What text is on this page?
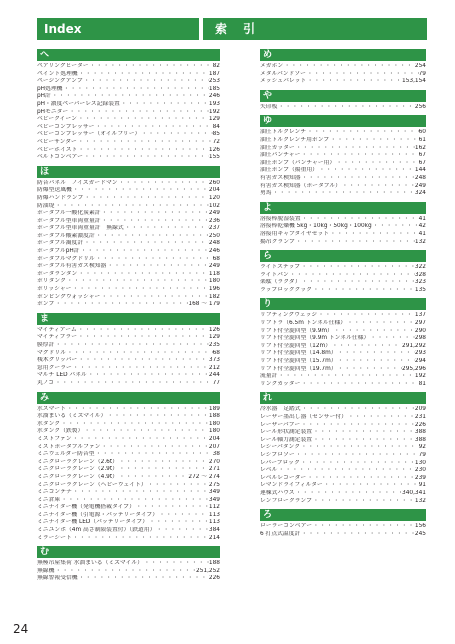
Index	索 引
へ
ペアリングヒーター ・・・・・・・・・・・・・・・・・・・・・・・・・・・・・・・・・・・・・・・・・・・・・・・・・・	82
ペイント処理機 ・・・・・・・・・・・・・・・・・・・・・・・・・・・・・・・・・・・・・・・・・・・・・・・・・・	187
ページングアンプ ・・・・・・・・・・・・・・・・・・・・・・・・・・・・・・・・・・・・・・・・・・・・・・・・・・	253
pH処理機 ・・・・・・・・・・・・・・・・・・・・・・・・・・・・・・・・・・・・・・・・・・・・・・・・・・	185
pH計 ・・・・・・・・・・・・・・・・・・・・・・・・・・・・・・・・・・・・・・・・・・・・・・・・・・	246
pH・濃度ペーパーレス記録装置 ・・・・・・・・・・・・・・・・・・・・・・・・・・・・・・・・・・・・・・・・・・・・・・・・・・	193
pHモニター ・・・・・・・・・・・・・・・・・・・・・・・・・・・・・・・・・・・・・・・・・・・・・・・・・・	192
ベビークイーン ・・・・・・・・・・・・・・・・・・・・・・・・・・・・・・・・・・・・・・・・・・・・・・・・・・	129
ベビーコンプレッサー ・・・・・・・・・・・・・・・・・・・・・・・・・・・・・・・・・・・・・・・・・・・・・・・・・・	84
ベビーコンプレッサー（オイルフリー） ・・・・・・・・・・・・・・・・・・・・・・・・・・・・・・・・・・・・・・・・・・・・・・・・・・	85
ベビーサンダー ・・・・・・・・・・・・・・・・・・・・・・・・・・・・・・・・・・・・・・・・・・・・・・・・・・	72
ベビーホイスト ・・・・・・・・・・・・・・・・・・・・・・・・・・・・・・・・・・・・・・・・・・・・・・・・・・	126
ベルトコンベアー ・・・・・・・・・・・・・・・・・・・・・・・・・・・・・・・・・・・・・・・・・・・・・・・・・・	155
ほ
防音パネル　ノイズガードマン ・・・・・・・・・・・・・・・・・・・・・・・・・・・・・・・・・・・・・・・・・・・・・・・・・・	260
防爆型送風機 ・・・・・・・・・・・・・・・・・・・・・・・・・・・・・・・・・・・・・・・・・・・・・・・・・・	204
防爆ハンドランプ ・・・・・・・・・・・・・・・・・・・・・・・・・・・・・・・・・・・・・・・・・・・・・・・・・・	120
防油堤 ・・・・・・・・・・・・・・・・・・・・・・・・・・・・・・・・・・・・・・・・・・・・・・・・・・	102
ポータブル一酸化炭素計 ・・・・・・・・・・・・・・・・・・・・・・・・・・・・・・・・・・・・・・・・・・・・・・・・・・	249
ポータブル型車両重量計 ・・・・・・・・・・・・・・・・・・・・・・・・・・・・・・・・・・・・・・・・・・・・・・・・・・	236
ポータブル型車両重量計　無線式 ・・・・・・・・・・・・・・・・・・・・・・・・・・・・・・・・・・・・・・・・・・・・・・・・・・	237
ポータブル酸素濃度計 ・・・・・・・・・・・・・・・・・・・・・・・・・・・・・・・・・・・・・・・・・・・・・・・・・・	250
ポータブル濁度計 ・・・・・・・・・・・・・・・・・・・・・・・・・・・・・・・・・・・・・・・・・・・・・・・・・・	248
ポータブルpH計 ・・・・・・・・・・・・・・・・・・・・・・・・・・・・・・・・・・・・・・・・・・・・・・・・・・	246
ポータブルマグドリル ・・・・・・・・・・・・・・・・・・・・・・・・・・・・・・・・・・・・・・・・・・・・・・・・・・	68
ポータブル有害ガス検知器 ・・・・・・・・・・・・・・・・・・・・・・・・・・・・・・・・・・・・・・・・・・・・・・・・・・	249
ポータランタン ・・・・・・・・・・・・・・・・・・・・・・・・・・・・・・・・・・・・・・・・・・・・・・・・・・	118
ポリタンク ・・・・・・・・・・・・・・・・・・・・・・・・・・・・・・・・・・・・・・・・・・・・・・・・・・	180
ポリッシャー ・・・・・・・・・・・・・・・・・・・・・・・・・・・・・・・・・・・・・・・・・・・・・・・・・・	196
ポンピングウォッシャー ・・・・・・・・・・・・・・・・・・・・・・・・・・・・・・・・・・・・・・・・・・・・・・・・・・	182
ポンプ ・・・・・・・・・・・・・・・・・・・・・・・・・・・・・・・・・・・・・・・・・・・・・・・・・・	168 ～ 179
ま
マイティアーム ・・・・・・・・・・・・・・・・・・・・・・・・・・・・・・・・・・・・・・・・・・・・・・・・・・	126
マイティブラー ・・・・・・・・・・・・・・・・・・・・・・・・・・・・・・・・・・・・・・・・・・・・・・・・・・	129
膜厚計 ・・・・・・・・・・・・・・・・・・・・・・・・・・・・・・・・・・・・・・・・・・・・・・・・・・	235
マグドリル ・・・・・・・・・・・・・・・・・・・・・・・・・・・・・・・・・・・・・・・・・・・・・・・・・・	68
桟木グリッパー ・・・・・・・・・・・・・・・・・・・・・・・・・・・・・・・・・・・・・・・・・・・・・・・・・・	373
窓用クーラー ・・・・・・・・・・・・・・・・・・・・・・・・・・・・・・・・・・・・・・・・・・・・・・・・・・	212
マルチ LED パネル ・・・・・・・・・・・・・・・・・・・・・・・・・・・・・・・・・・・・・・・・・・・・・・・・・・	244
丸ノコ ・・・・・・・・・・・・・・・・・・・・・・・・・・・・・・・・・・・・・・・・・・・・・・・・・・	77
み
水スマート ・・・・・・・・・・・・・・・・・・・・・・・・・・・・・・・・・・・・・・・・・・・・・・・・・・	189
水溜まいる（ミズマイル） ・・・・・・・・・・・・・・・・・・・・・・・・・・・・・・・・・・・・・・・・・・・・・・・・・・	188
水タンク ・・・・・・・・・・・・・・・・・・・・・・・・・・・・・・・・・・・・・・・・・・・・・・・・・・	180
水タンク（鉄製） ・・・・・・・・・・・・・・・・・・・・・・・・・・・・・・・・・・・・・・・・・・・・・・・・・・	180
ミストファン ・・・・・・・・・・・・・・・・・・・・・・・・・・・・・・・・・・・・・・・・・・・・・・・・・・	204
ミストポータブルファン ・・・・・・・・・・・・・・・・・・・・・・・・・・・・・・・・・・・・・・・・・・・・・・・・・・	207
ミニウェルダー防音型 ・・・・・・・・・・・・・・・・・・・・・・・・・・・・・・・・・・・・・・・・・・・・・・・・・・	38
ミニクローラクレーン（2.6t） ・・・・・・・・・・・・・・・・・・・・・・・・・・・・・・・・・・・・・・・・・・・・・・・・・・	270
ミニクローラクレーン（2.9t） ・・・・・・・・・・・・・・・・・・・・・・・・・・・・・・・・・・・・・・・・・・・・・・・・・・	271
ミニクローラクレーン（4.9t） ・・・・・・・・・・・・・・・・・・・・・・・・・・・・・・・・・・・・・・・・・・・・・・・・・・	272 ～ 274
ミニクローラクレーン（ヘビーウェイト） ・・・・・・・・・・・・・・・・・・・・・・・・・・・・・・・・・・・・・・・・・・・・・・・・・・	275
ミニコンテナ ・・・・・・・・・・・・・・・・・・・・・・・・・・・・・・・・・・・・・・・・・・・・・・・・・・	349
ミニ倉庫 ・・・・・・・・・・・・・・・・・・・・・・・・・・・・・・・・・・・・・・・・・・・・・・・・・・	349
ミニナイター機（発電機搭載タイプ） ・・・・・・・・・・・・・・・・・・・・・・・・・・・・・・・・・・・・・・・・・・・・・・・・・・	112
ミニナイター機（引電源・バッテリータイプ） ・・・・・・・・・・・・・・・・・・・・・・・・・・・・・・・・・・・・・・・・・・・・・・・・・・	113
ミニナイター機 LED（バッテリータイプ） ・・・・・・・・・・・・・・・・・・・・・・・・・・・・・・・・・・・・・・・・・・・・・・・・・・	113
ミニユンボ（4m 高さ制限装置付）（鉄道用） ・・・・・・・・・・・・・・・・・・・・・・・・・・・・・・・・・・・・・・・・・・・・・・・・・・	384
ミラーシート ・・・・・・・・・・・・・・・・・・・・・・・・・・・・・・・・・・・・・・・・・・・・・・・・・・	214
む
無極吊屋集荷 水溜まいる（ミズマイル） ・・・・・・・・・・・・・・・・・・・・・・・・・・・・・・・・・・・・・・・・・・・・・・・・・・	188
無線機 ・・・・・・・・・・・・・・・・・・・・・・・・・・・・・・・・・・・・・・・・・・・・・・・・・・	251,252
無線警報受信機 ・・・・・・・・・・・・・・・・・・・・・・・・・・・・・・・・・・・・・・・・・・・・・・・・・・	226
め
メガホン ・・・・・・・・・・・・・・・・・・・・・・・・・・・・・・・・・・・・・・・・・・・・・・・・・・	254
メタルバンドソー ・・・・・・・・・・・・・・・・・・・・・・・・・・・・・・・・・・・・・・・・・・・・・・・・・・	79
メッシュパレット ・・・・・・・・・・・・・・・・・・・・・・・・・・・・・・・・・・・・・・・・・・・・・・・・・・	153,154
や
矢印板 ・・・・・・・・・・・・・・・・・・・・・・・・・・・・・・・・・・・・・・・・・・・・・・・・・・	256
ゆ
油圧トルクレンチ ・・・・・・・・・・・・・・・・・・・・・・・・・・・・・・・・・・・・・・・・・・・・・・・・・・	60
油圧トルクレンチ用ポンプ ・・・・・・・・・・・・・・・・・・・・・・・・・・・・・・・・・・・・・・・・・・・・・・・・・・	61
油圧カッター ・・・・・・・・・・・・・・・・・・・・・・・・・・・・・・・・・・・・・・・・・・・・・・・・・・	162
油圧パンチャー ・・・・・・・・・・・・・・・・・・・・・・・・・・・・・・・・・・・・・・・・・・・・・・・・・・	67
油圧ポンプ（パンチャー用） ・・・・・・・・・・・・・・・・・・・・・・・・・・・・・・・・・・・・・・・・・・・・・・・・・・	67
油圧ポンプ（揚重用） ・・・・・・・・・・・・・・・・・・・・・・・・・・・・・・・・・・・・・・・・・・・・・・・・・・	144
有害ガス検知器 ・・・・・・・・・・・・・・・・・・・・・・・・・・・・・・・・・・・・・・・・・・・・・・・・・・	248
有害ガス検知器（ポータブル） ・・・・・・・・・・・・・・・・・・・・・・・・・・・・・・・・・・・・・・・・・・・・・・・・・・	249
勇馬 ・・・・・・・・・・・・・・・・・・・・・・・・・・・・・・・・・・・・・・・・・・・・・・・・・・	324
よ
溶接棒脱湿装置 ・・・・・・・・・・・・・・・・・・・・・・・・・・・・・・・・・・・・・・・・・・・・・・・・・・	41
溶接棒乾燥機 5kg・10kg・50kg・100kg ・・・・・・・・・・・・・・・・・・・・・・・・・・・・・・・・・・・・・・・・・・・・・・・・・・	42
溶接用キャブタイヤセット ・・・・・・・・・・・・・・・・・・・・・・・・・・・・・・・・・・・・・・・・・・・・・・・・・・	41
揚吊クランプ ・・・・・・・・・・・・・・・・・・・・・・・・・・・・・・・・・・・・・・・・・・・・・・・・・・	132
ら
ライトステップ ・・・・・・・・・・・・・・・・・・・・・・・・・・・・・・・・・・・・・・・・・・・・・・・・・・	322
ライトバン ・・・・・・・・・・・・・・・・・・・・・・・・・・・・・・・・・・・・・・・・・・・・・・・・・・	328
楽駄（ラクダ） ・・・・・・・・・・・・・・・・・・・・・・・・・・・・・・・・・・・・・・・・・・・・・・・・・・	323
ラップロッククック ・・・・・・・・・・・・・・・・・・・・・・・・・・・・・・・・・・・・・・・・・・・・・・・・・・	135
り
リフティングウェッジ ・・・・・・・・・・・・・・・・・・・・・・・・・・・・・・・・・・・・・・・・・・・・・・・・・・	137
リフトラ（6.5m トンネル仕様） ・・・・・・・・・・・・・・・・・・・・・・・・・・・・・・・・・・・・・・・・・・・・・・・・・・	297
リフト付全旋回型（9.9m） ・・・・・・・・・・・・・・・・・・・・・・・・・・・・・・・・・・・・・・・・・・・・・・・・・・	290
リフト付全旋回型（9.9m トンネル仕様） ・・・・・・・・・・・・・・・・・・・・・・・・・・・・・・・・・・・・・・・・・・・・・・・・・・	298
リフト付全旋回型（12m） ・・・・・・・・・・・・・・・・・・・・・・・・・・・・・・・・・・・・・・・・・・・・・・・・・・	291,292
リフト付全旋回型（14.8m） ・・・・・・・・・・・・・・・・・・・・・・・・・・・・・・・・・・・・・・・・・・・・・・・・・・	293
リフト付全旋回型（15.7m） ・・・・・・・・・・・・・・・・・・・・・・・・・・・・・・・・・・・・・・・・・・・・・・・・・・	294
リフト付全旋回型（19.7m） ・・・・・・・・・・・・・・・・・・・・・・・・・・・・・・・・・・・・・・・・・・・・・・・・・・	295,296
流量計 ・・・・・・・・・・・・・・・・・・・・・・・・・・・・・・・・・・・・・・・・・・・・・・・・・・	192
リンクカッター ・・・・・・・・・・・・・・・・・・・・・・・・・・・・・・・・・・・・・・・・・・・・・・・・・・	81
れ
冷水器　足踏式 ・・・・・・・・・・・・・・・・・・・・・・・・・・・・・・・・・・・・・・・・・・・・・・・・・・	209
レーザー墨出し器（センサー付） ・・・・・・・・・・・・・・・・・・・・・・・・・・・・・・・・・・・・・・・・・・・・・・・・・・	231
レーザーバブー ・・・・・・・・・・・・・・・・・・・・・・・・・・・・・・・・・・・・・・・・・・・・・・・・・・	226
レール形状測定装置 ・・・・・・・・・・・・・・・・・・・・・・・・・・・・・・・・・・・・・・・・・・・・・・・・・・	388
レール軸力測定装置 ・・・・・・・・・・・・・・・・・・・・・・・・・・・・・・・・・・・・・・・・・・・・・・・・・・	388
レシーバタンク ・・・・・・・・・・・・・・・・・・・・・・・・・・・・・・・・・・・・・・・・・・・・・・・・・・	92
レシプロソー ・・・・・・・・・・・・・・・・・・・・・・・・・・・・・・・・・・・・・・・・・・・・・・・・・・	79
レバーブロック ・・・・・・・・・・・・・・・・・・・・・・・・・・・・・・・・・・・・・・・・・・・・・・・・・・	130
レベル ・・・・・・・・・・・・・・・・・・・・・・・・・・・・・・・・・・・・・・・・・・・・・・・・・・	230
レベルレコーダー ・・・・・・・・・・・・・・・・・・・・・・・・・・・・・・・・・・・・・・・・・・・・・・・・・・	239
レマンドライフィルター ・・・・・・・・・・・・・・・・・・・・・・・・・・・・・・・・・・・・・・・・・・・・・・・・・・	91
連棟式ハウス ・・・・・・・・・・・・・・・・・・・・・・・・・・・・・・・・・・・・・・・・・・・・・・・・・・	340,341
レンフロークランプ ・・・・・・・・・・・・・・・・・・・・・・・・・・・・・・・・・・・・・・・・・・・・・・・・・・	132
ろ
ローラーコンベアー ・・・・・・・・・・・・・・・・・・・・・・・・・・・・・・・・・・・・・・・・・・・・・・・・・・	156
6 打点式温度計 ・・・・・・・・・・・・・・・・・・・・・・・・・・・・・・・・・・・・・・・・・・・・・・・・・・	245
24
